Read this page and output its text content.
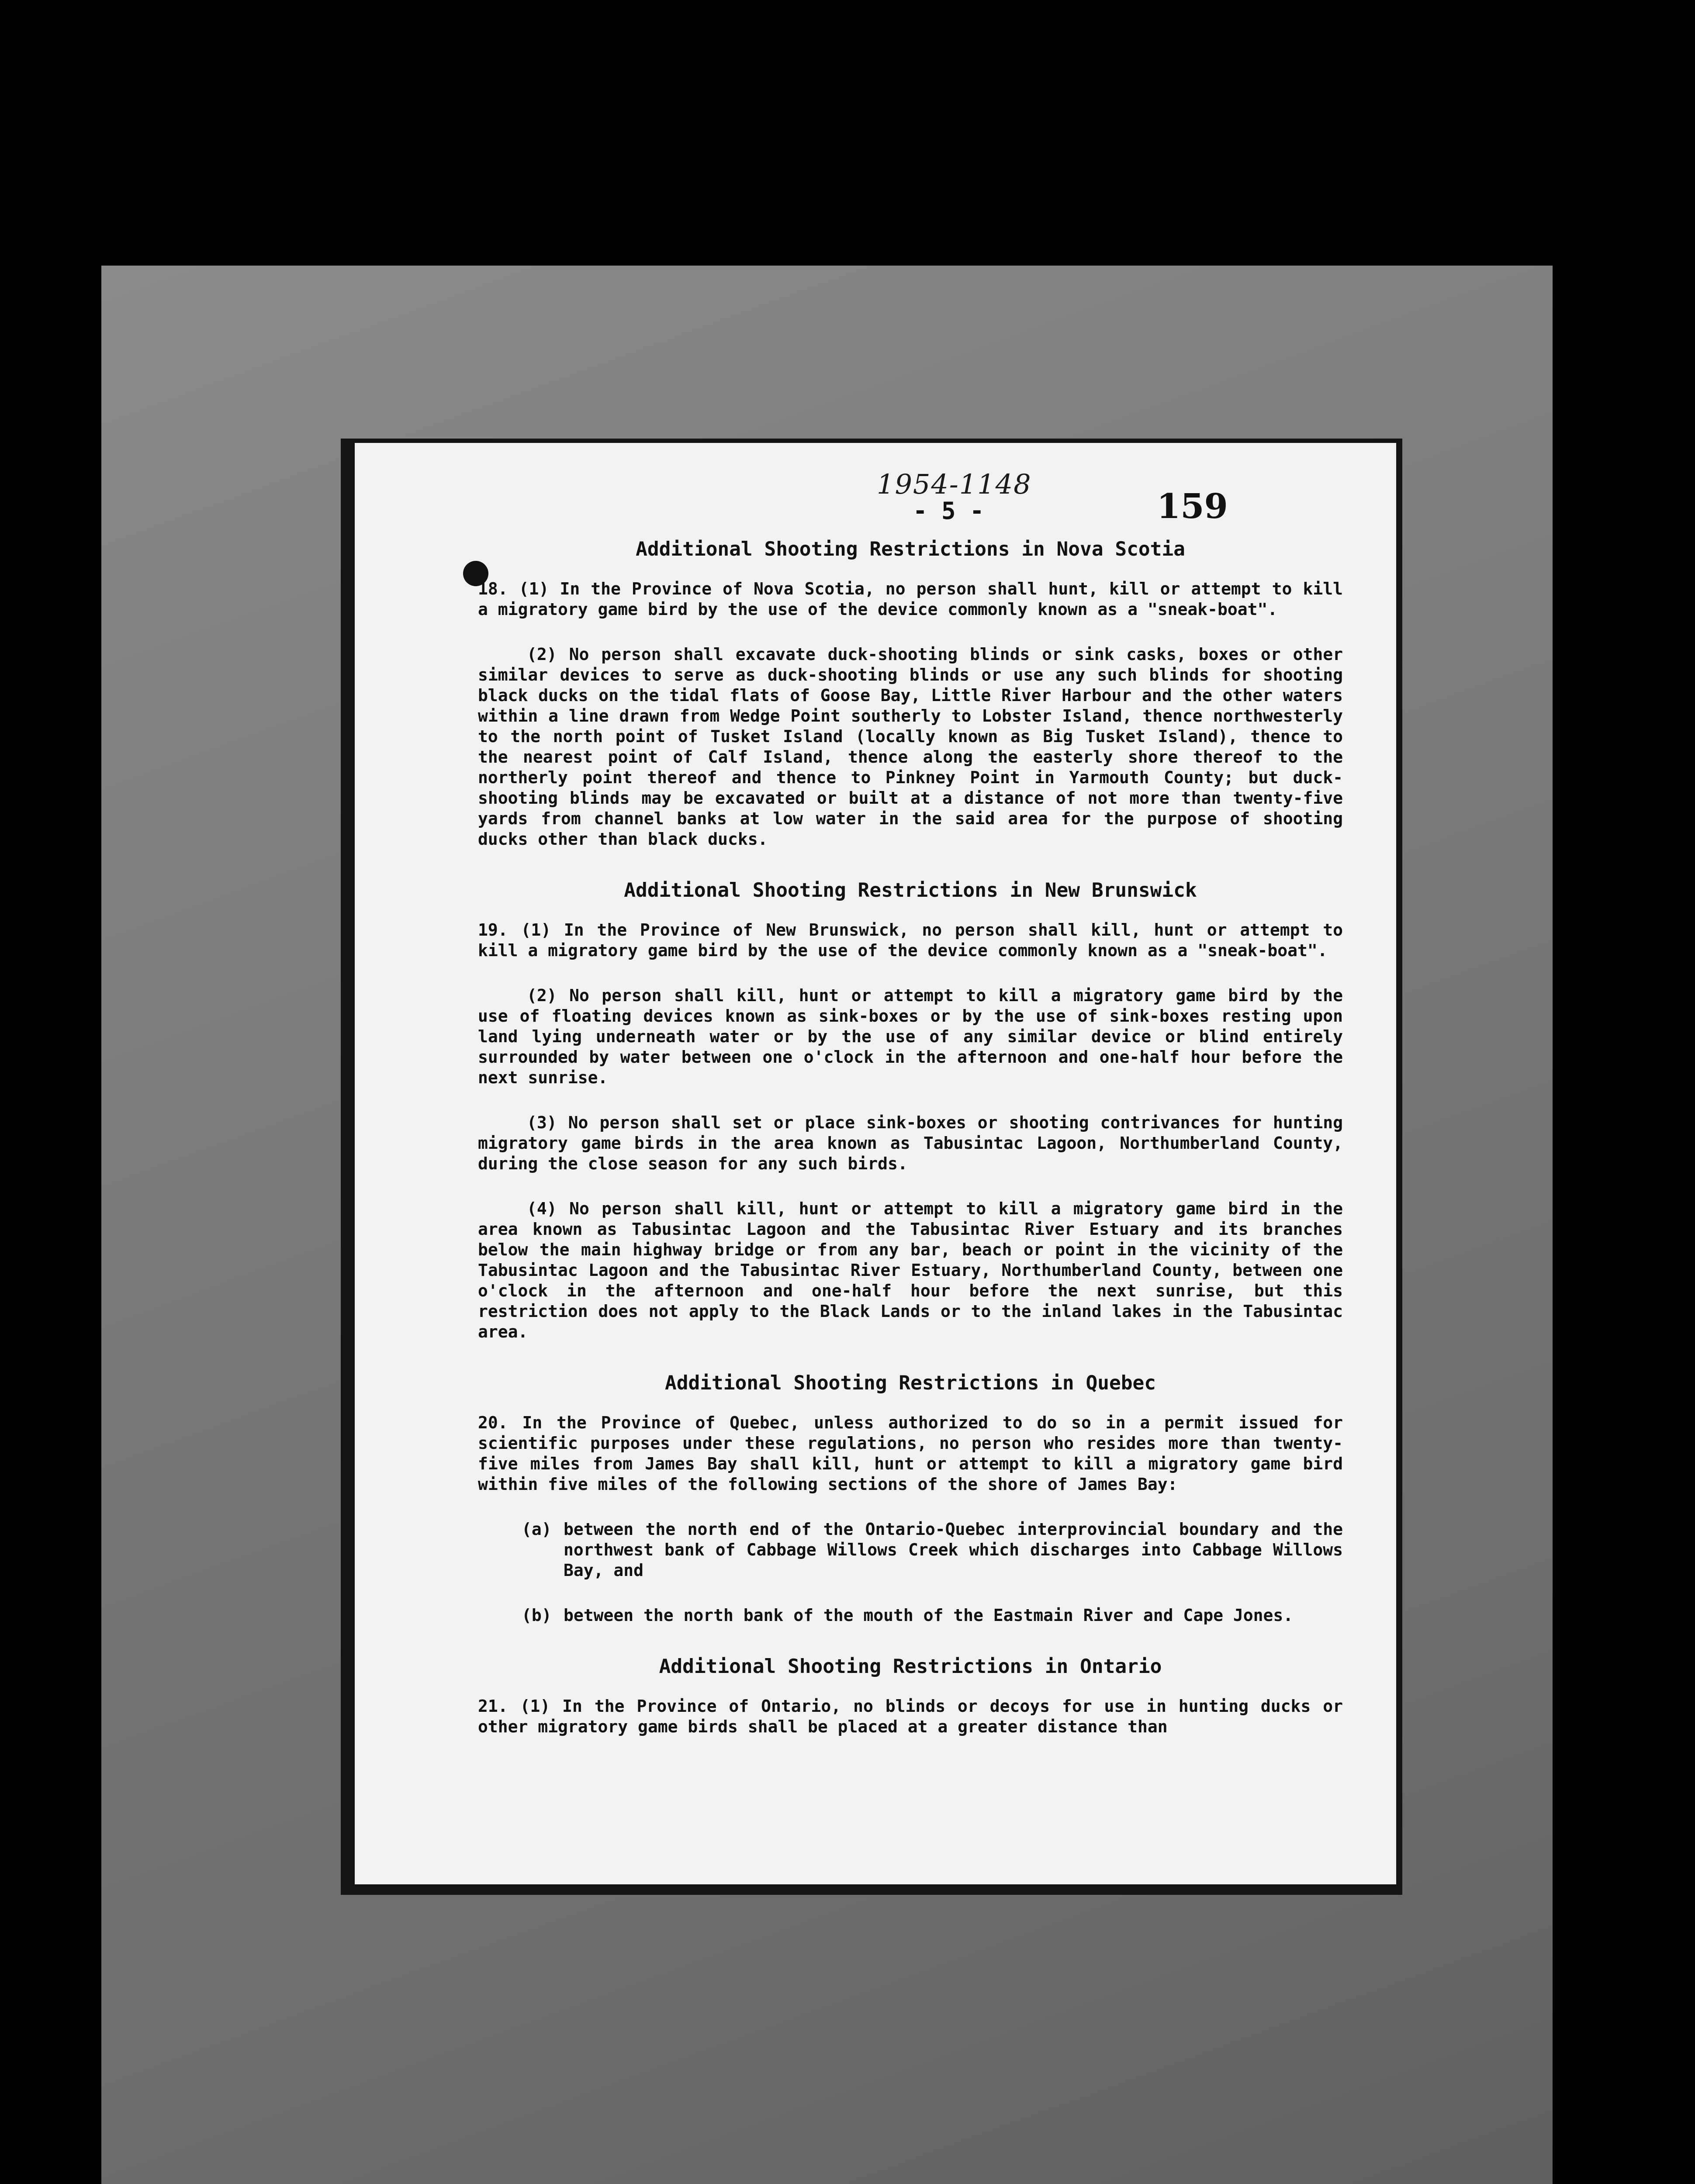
1954-1148
- 5 -	159
Additional Shooting Restrictions in Nova Scotia

18. (1) In the Province of Nova Scotia, no person shall hunt, kill or attempt to kill a migratory game bird by the use of the device commonly known as a "sneak-boat".

(2) No person shall excavate duck-shooting blinds or sink casks, boxes or other similar devices to serve as duck-shooting blinds or use any such blinds for shooting black ducks on the tidal flats of Goose Bay, Little River Harbour and the other waters within a line drawn from Wedge Point southerly to Lobster Island, thence northwesterly to the north point of Tusket Island (locally known as Big Tusket Island), thence to the nearest point of Calf Island, thence along the easterly shore thereof to the northerly point thereof and thence to Pinkney Point in Yarmouth County; but duck-shooting blinds may be excavated or built at a distance of not more than twenty-five yards from channel banks at low water in the said area for the purpose of shooting ducks other than black ducks.

Additional Shooting Restrictions in New Brunswick

19. (1) In the Province of New Brunswick, no person shall kill, hunt or attempt to kill a migratory game bird by the use of the device commonly known as a "sneak-boat".

(2) No person shall kill, hunt or attempt to kill a migratory game bird by the use of floating devices known as sink-boxes or by the use of sink-boxes resting upon land lying underneath water or by the use of any similar device or blind entirely surrounded by water between one o'clock in the afternoon and one-half hour before the next sunrise.

(3) No person shall set or place sink-boxes or shooting contrivances for hunting migratory game birds in the area known as Tabusintac Lagoon, Northumberland County, during the close season for any such birds.

(4) No person shall kill, hunt or attempt to kill a migratory game bird in the area known as Tabusintac Lagoon and the Tabusintac River Estuary and its branches below the main highway bridge or from any bar, beach or point in the vicinity of the Tabusintac Lagoon and the Tabusintac River Estuary, Northumberland County, between one o'clock in the afternoon and one-half hour before the next sunrise, but this restriction does not apply to the Black Lands or to the inland lakes in the Tabusintac area.

Additional Shooting Restrictions in Quebec

20. In the Province of Quebec, unless authorized to do so in a permit issued for scientific purposes under these regulations, no person who resides more than twenty-five miles from James Bay shall kill, hunt or attempt to kill a migratory game bird within five miles of the following sections of the shore of James Bay:

(a) between the north end of the Ontario-Quebec interprovincial boundary and the northwest bank of Cabbage Willows Creek which discharges into Cabbage Willows Bay, and
(b) between the north bank of the mouth of the Eastmain River and Cape Jones.
Additional Shooting Restrictions in Ontario

21. (1) In the Province of Ontario, no blinds or decoys for use in hunting ducks or other migratory game birds shall be placed at a greater distance than
